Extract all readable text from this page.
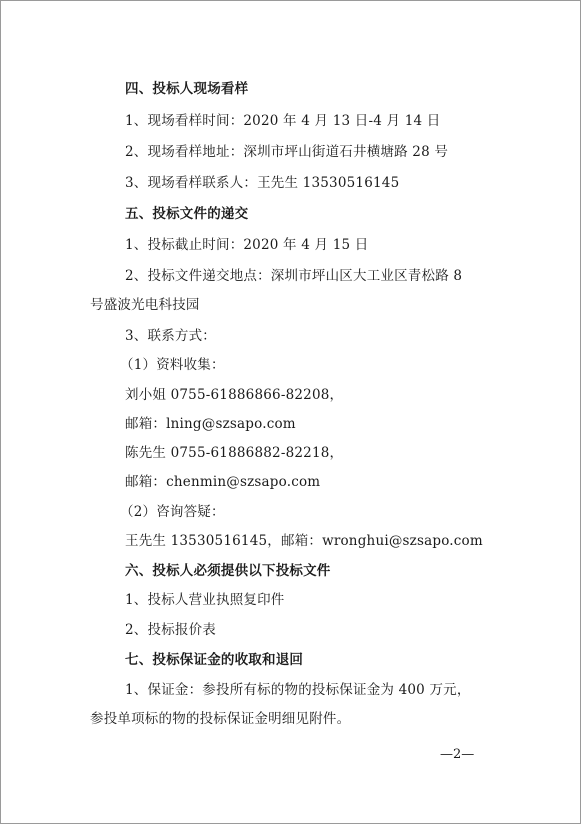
四、投标人现场看样
1、现场看样时间：2020 年 4 月 13 日-4 月 14 日
2、现场看样地址：深圳市坪山街道石井横塘路 28 号
3、现场看样联系人：王先生 13530516145
五、投标文件的递交
1、投标截止时间：2020 年 4 月 15 日
2、投标文件递交地点：深圳市坪山区大工业区青松路 8
号盛波光电科技园
3、联系方式：
（1）资料收集：
刘小姐 0755-61886866-82208，
邮箱：lning@szsapo.com
陈先生 0755-61886882-82218，
邮箱：chenmin@szsapo.com
（2）咨询答疑：
王先生 13530516145，邮箱：wronghui@szsapo.com
六、投标人必须提供以下投标文件
1、投标人营业执照复印件
2、投标报价表
七、投标保证金的收取和退回
1、保证金：参投所有标的物的投标保证金为 400 万元，
参投单项标的物的投标保证金明细见附件。
—2—
